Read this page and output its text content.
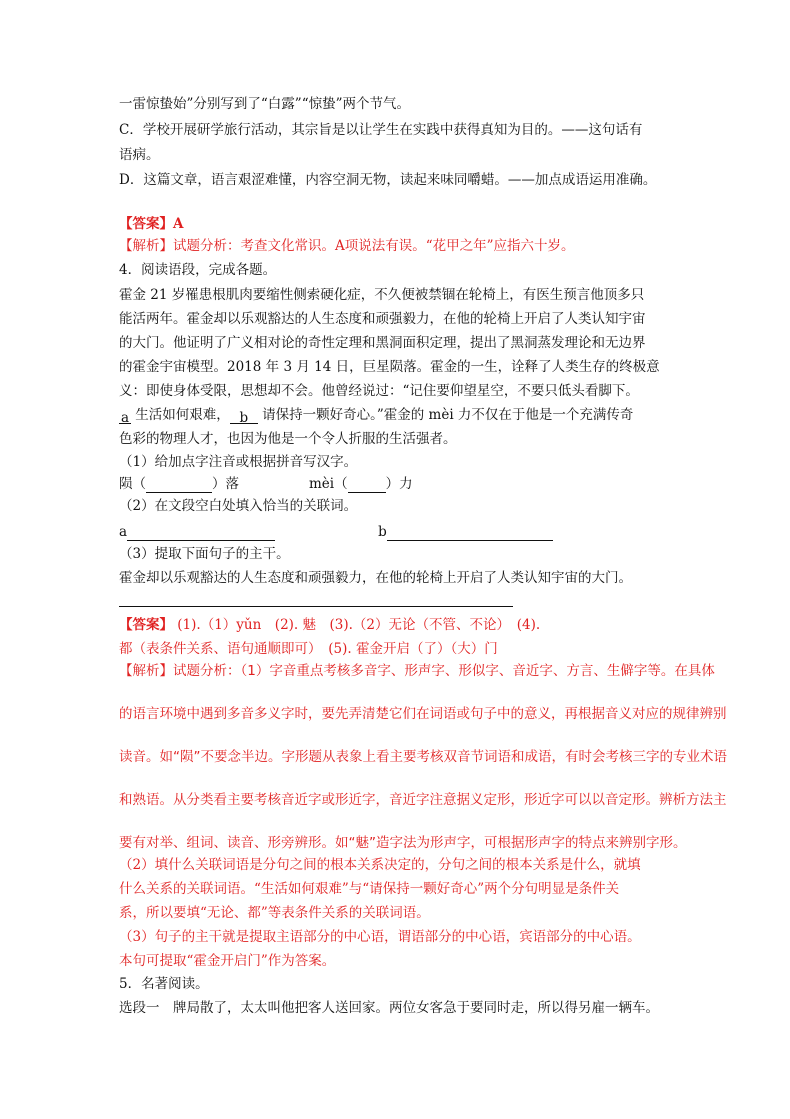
一雷惊蛰始”分别写到了“白露”“惊蛰”两个节气。
C．学校开展研学旅行活动，其宗旨是以让学生在实践中获得真知为目的。——这句话有
语病。
D．这篇文章，语言艰涩难懂，内容空洞无物，读起来味同嚼蜡。——加点成语运用准确。
【答案】A
【解析】试题分析：考查文化常识。A项说法有误。“花甲之年”应指六十岁。
4．阅读语段，完成各题。
霍金 21 岁罹患根肌肉要缩性侧索硬化症，不久便被禁锢在轮椅上，有医生预言他顶多只
能活两年。霍金却以乐观豁达的人生态度和顽强毅力，在他的轮椅上开启了人类认知宇宙
的大门。他证明了广义相对论的奇性定理和黑洞面积定理，提出了黑洞蒸发理论和无边界
的霍金宇宙模型。2018 年 3 月 14 日，巨星陨落。霍金的一生，诠释了人类生存的终极意
义：即使身体受限，思想却不会。他曾经说过：“记住要仰望星空，不要只低头看脚下。
a 生活如何艰难， b 请保持一颗好奇心。”霍金的 mèi 力不仅在于他是一个充满传奇
色彩的物理人才，也因为他是一个令人折服的生活强者。
（1）给加点字注音或根据拼音写汉字。
陨（	）落	mèi（	）力
（2）在文段空白处填入恰当的关联词。
a	b
（3）提取下面句子的主干。
霍金却以乐观豁达的人生态度和顽强毅力，在他的轮椅上开启了人类认知宇宙的大门。
【答案】 (1).（1）yǔn　(2). 魅　(3).（2）无论（不管、不论）　(4).
都（表条件关系、语句通顺即可）　(5). 霍金开启（了）（大）门
【解析】试题分析：（1）字音重点考核多音字、形声字、形似字、音近字、方言、生僻字等。在具体
的语言环境中遇到多音多义字时，要先弄清楚它们在词语或句子中的意义，再根据音义对应的规律辨别
读音。如“陨”不要念半边。字形题从表象上看主要考核双音节词语和成语，有时会考核三字的专业术语
和熟语。从分类看主要考核音近字或形近字，音近字注意据义定形，形近字可以以音定形。辨析方法主
要有对举、组词、读音、形旁辨形。如“魅”造字法为形声字，可根据形声字的特点来辨别字形。
（2）填什么关联词语是分句之间的根本关系决定的，分句之间的根本关系是什么，就填
什么关系的关联词语。“生活如何艰难”与“请保持一颗好奇心”两个分句明显是条件关
系，所以要填“无论、都”等表条件关系的关联词语。
（3）句子的主干就是提取主语部分的中心语，谓语部分的中心语，宾语部分的中心语。
本句可提取“霍金开启门”作为答案。
5．名著阅读。
选段一　牌局散了，太太叫他把客人送回家。两位女客急于要同时走，所以得另雇一辆车。
